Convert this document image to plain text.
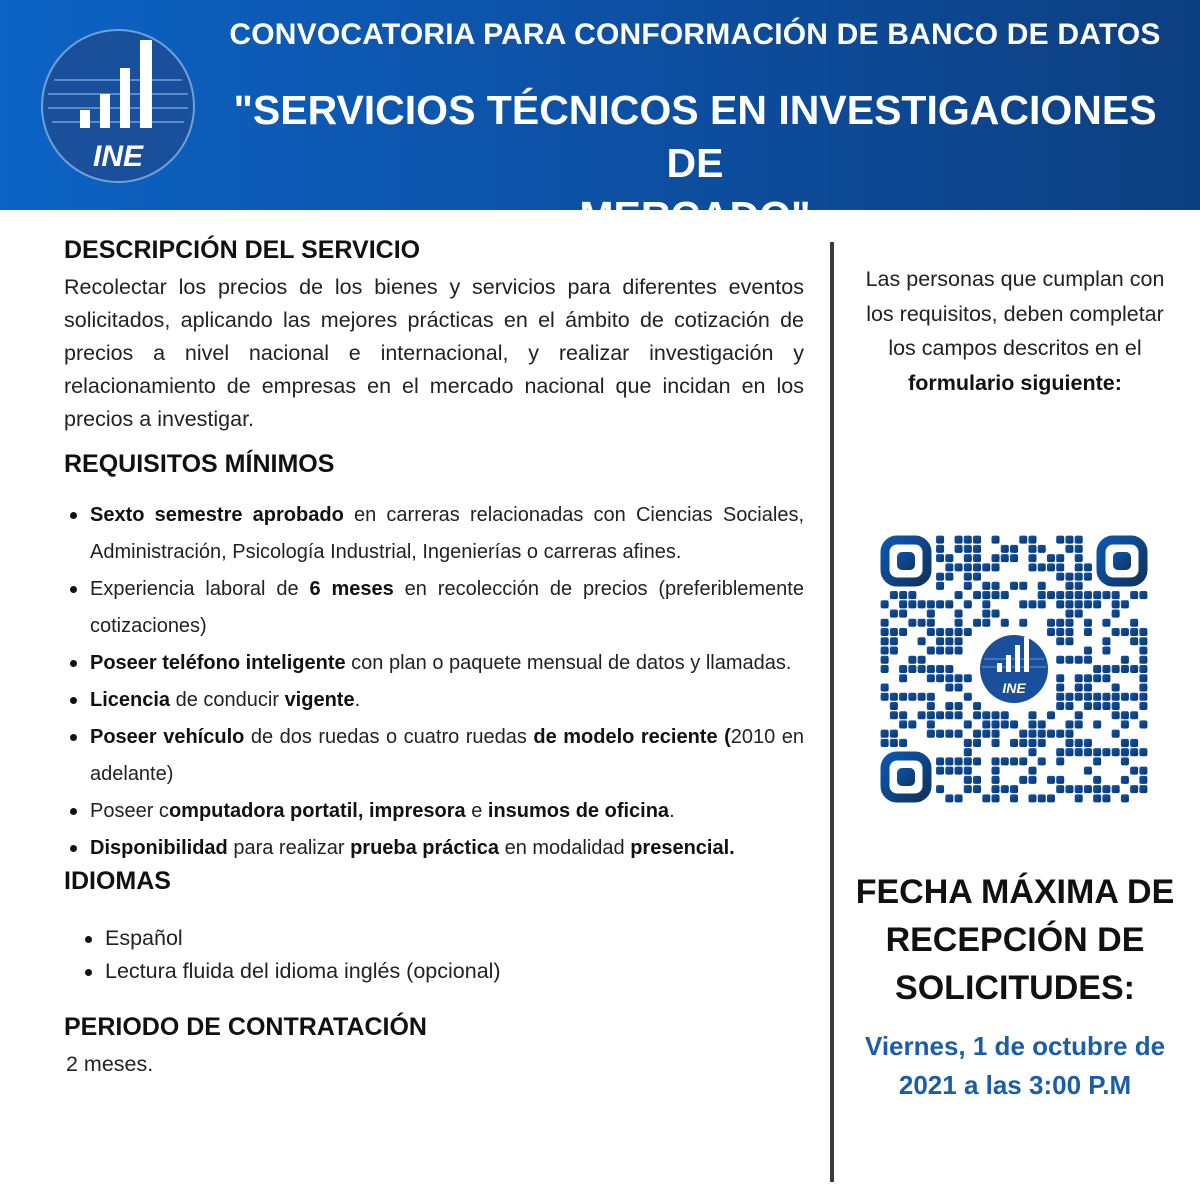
INE
CONVOCATORIA PARA CONFORMACIÓN DE BANCO DE DATOS
"SERVICIOS TÉCNICOS EN INVESTIGACIONES DE
MERCADO"
DESCRIPCIÓN DEL SERVICIO
Recolectar los precios de los bienes y servicios para diferentes eventos solicitados, aplicando las mejores prácticas en el ámbito de cotización de precios a nivel nacional e internacional, y realizar investigación y relacionamiento de empresas en el mercado nacional que incidan en los precios a investigar.
REQUISITOS MÍNIMOS
Sexto semestre aprobado en carreras relacionadas con Ciencias Sociales, Administración, Psicología Industrial, Ingenierías o carreras afines.
Experiencia laboral de 6 meses en recolección de precios (preferiblemente cotizaciones)
Poseer teléfono inteligente con plan o paquete mensual de datos y llamadas.
Licencia de conducir vigente.
Poseer vehículo de dos ruedas o cuatro ruedas de modelo reciente (2010 en adelante)
Poseer computadora portatil, impresora e insumos de oficina.
Disponibilidad para realizar prueba práctica en modalidad presencial.
IDIOMAS
Español
Lectura fluida del idioma inglés (opcional)
PERIODO DE CONTRATACIÓN
2 meses.
Las personas que cumplan con los requisitos, deben completar los campos descritos en el formulario siguiente:
INE
FECHA MÁXIMA DE RECEPCIÓN DE SOLICITUDES:
Viernes, 1 de octubre de 2021 a las 3:00 P.M
